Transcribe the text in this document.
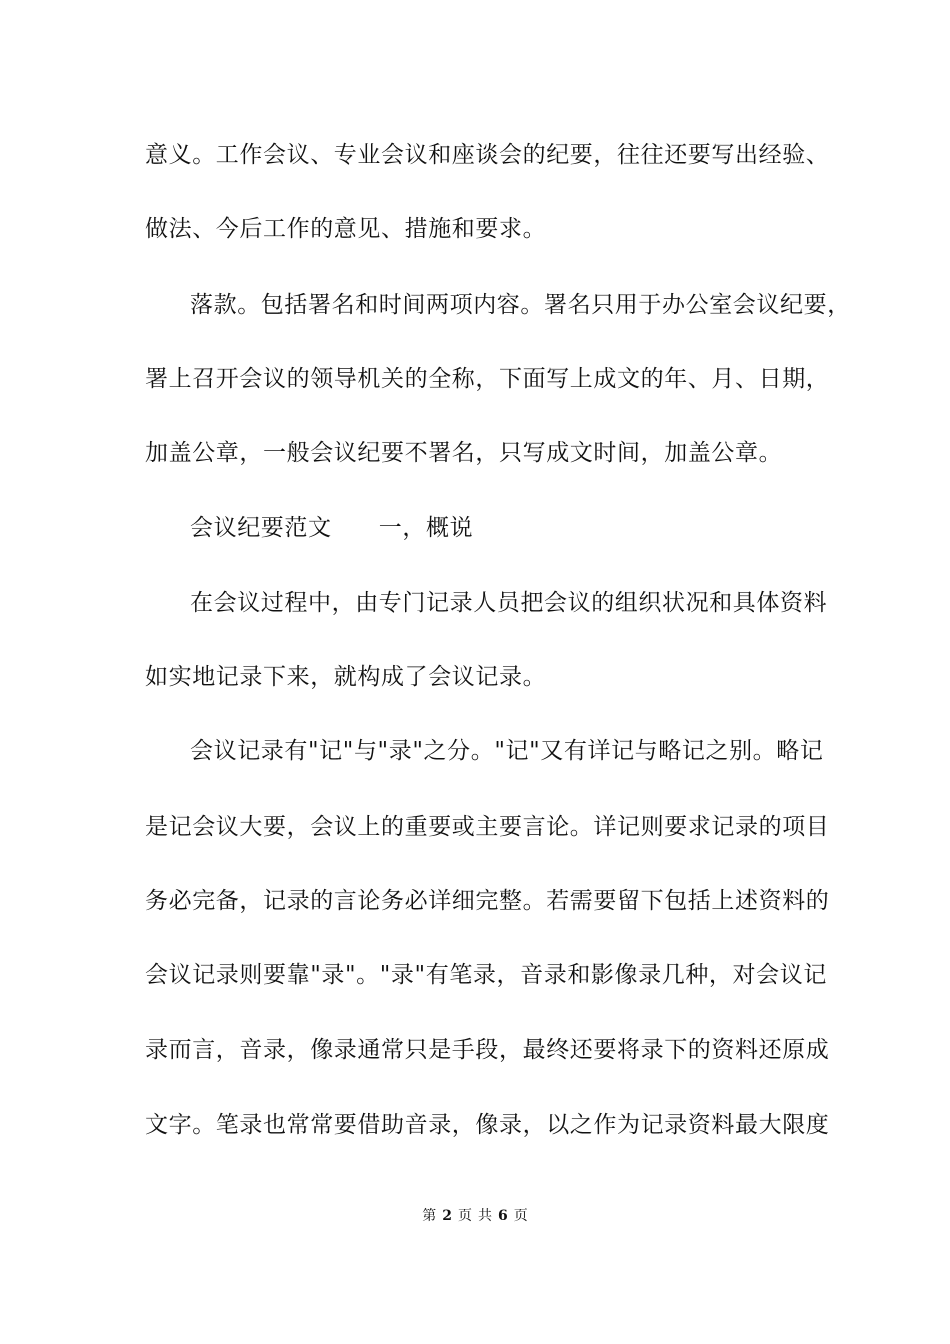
意义。工作会议、专业会议和座谈会的纪要，往往还要写出经验、
做法、今后工作的意见、措施和要求。
落款。包括署名和时间两项内容。署名只用于办公室会议纪要，
署上召开会议的领导机关的全称，下面写上成文的年、月、日期，
加盖公章，一般会议纪要不署名，只写成文时间，加盖公章。
会议纪要范文　　一，概说
在会议过程中，由专门记录人员把会议的组织状况和具体资料
如实地记录下来，就构成了会议记录。
会议记录有"记"与"录"之分。"记"又有详记与略记之别。略记
是记会议大要，会议上的重要或主要言论。详记则要求记录的项目
务必完备，记录的言论务必详细完整。若需要留下包括上述资料的
会议记录则要靠"录"。"录"有笔录，音录和影像录几种，对会议记
录而言，音录，像录通常只是手段，最终还要将录下的资料还原成
文字。笔录也常常要借助音录，像录，以之作为记录资料最大限度
第 2 页 共 6 页
